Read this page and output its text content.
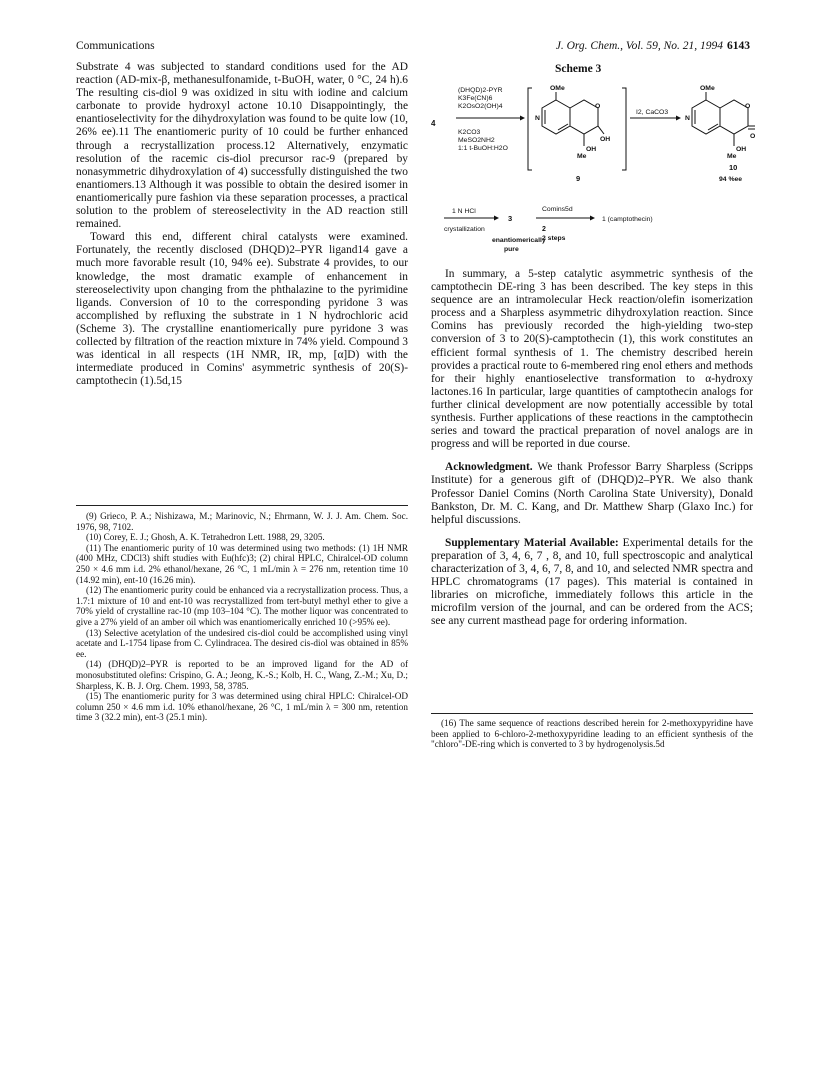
Communications	J. Org. Chem., Vol. 59, No. 21, 1994 6143

Substrate 4 was subjected to standard conditions used for the AD reaction (AD-mix-β, methanesulfonamide, t-BuOH, water, 0 °C, 24 h).6 The resulting cis-diol 9 was oxidized in situ with iodine and calcium carbonate to provide hydroxyl actone 10.10 Disappointingly, the enantioselectivity for the dihydroxylation was found to be quite low (10, 26% ee).11 The enantiomeric purity of 10 could be further enhanced through a recrystallization process.12 Alternatively, enzymatic resolution of the racemic cis-diol precursor rac-9 (prepared by nonasymmetric dihydroxylation of 4) successfully distinguished the two enantiomers.13 Although it was possible to obtain the desired isomer in enantiomerically pure fashion via these separation processes, a practical solution to the problem of stereoselectivity in the AD reaction still remained.

Toward this end, different chiral catalysts were examined. Fortunately, the recently disclosed (DHQD)2–PYR ligand14 gave a much more favorable result (10, 94% ee). Substrate 4 provides, to our knowledge, the most dramatic example of enhancement in stereoselectivity upon changing from the phthalazine to the pyrimidine ligands. Conversion of 10 to the corresponding pyridone 3 was accomplished by refluxing the substrate in 1 N hydrochloric acid (Scheme 3). The crystalline enantiomerically pure pyridone 3 was collected by filtration of the reaction mixture in 74% yield. Compound 3 was identical in all respects (1H NMR, IR, mp, [α]D) with the intermediate produced in Comins' asymmetric synthesis of 20(S)-camptothecin (1).5d,15

(9) Grieco, P. A.; Nishizawa, M.; Marinovic, N.; Ehrmann, W. J. J. Am. Chem. Soc. 1976, 98, 7102.

(10) Corey, E. J.; Ghosh, A. K. Tetrahedron Lett. 1988, 29, 3205.

(11) The enantiomeric purity of 10 was determined using two methods: (1) 1H NMR (400 MHz, CDCl3) shift studies with Eu(hfc)3; (2) chiral HPLC, Chiralcel-OD column 250 × 4.6 mm i.d. 2% ethanol/hexane, 26 °C, 1 mL/min λ = 276 nm, retention time 10 (14.92 min), ent-10 (16.26 min).

(12) The enantiomeric purity could be enhanced via a recrystallization process. Thus, a 1.7:1 mixture of 10 and ent-10 was recrystallized from tert-butyl methyl ether to give a 70% yield of crystalline rac-10 (mp 103–104 °C). The mother liquor was concentrated to give a 27% yield of an amber oil which was enantiomerically enriched 10 (>95% ee).

(13) Selective acetylation of the undesired cis-diol could be accomplished using vinyl acetate and L-1754 lipase from C. Cylindracea. The desired cis-diol was obtained in 85% ee.

(14) (DHQD)2–PYR is reported to be an improved ligand for the AD of monosubstituted olefins: Crispino, G. A.; Jeong, K.-S.; Kolb, H. C., Wang, Z.-M.; Xu, D.; Sharpless, K. B. J. Org. Chem. 1993, 58, 3785.

(15) The enantiomeric purity for 3 was determined using chiral HPLC: Chiralcel-OD column 250 × 4.6 mm i.d. 10% ethanol/hexane, 26 °C, 1 mL/min λ = 300 nm, retention time 3 (32.2 min), ent-3 (25.1 min).

Scheme 3
(DHQD)2-PYR
K3Fe(CN)6
K2OsO2(OH)4
K2CO3
MeSO2NH2
1:1 t-BuOH:H2O
4
OMe
N
O
OH
OH
Me
9
I2, CaCO3
OMe
N
O
O
OH
Me
10
94 %ee
1 N HCl
crystallization
3
enantiomerically
pure
Comins5d
2
2 steps
1 (camptothecin)

In summary, a 5-step catalytic asymmetric synthesis of the camptothecin DE-ring 3 has been described. The key steps in this sequence are an intramolecular Heck reaction/olefin isomerization process and a Sharpless asymmetric dihydroxylation reaction. Since Comins has previously recorded the high-yielding two-step conversion of 3 to 20(S)-camptothecin (1), this work constitutes an efficient formal synthesis of 1. The chemistry described herein provides a practical route to 6-membered ring enol ethers and methods for their highly enantioselective transformation to α-hydroxy lactones.16 In particular, large quantities of camptothecin analogs for further clinical development are now potentially accessible by total synthesis. Further applications of these reactions in the camptothecin series and toward the practical preparation of novel analogs are in progress and will be reported in due course.

Acknowledgment. We thank Professor Barry Sharpless (Scripps Institute) for a generous gift of (DHQD)2–PYR. We also thank Professor Daniel Comins (North Carolina State University), Donald Bankston, Dr. M. C. Kang, and Dr. Matthew Sharp (Glaxo Inc.) for helpful discussions.

Supplementary Material Available: Experimental details for the preparation of 3, 4, 6, 7 , 8, and 10, full spectroscopic and analytical characterization of 3, 4, 6, 7, 8, and 10, and selected NMR spectra and HPLC chromatograms (17 pages). This material is contained in libraries on microfiche, immediately follows this article in the microfilm version of the journal, and can be ordered from the ACS; see any current masthead page for ordering information.

(16) The same sequence of reactions described herein for 2-methoxypyridine have been applied to 6-chloro-2-methoxypyridine leading to an efficient synthesis of the "chloro"-DE-ring which is converted to 3 by hydrogenolysis.5d
